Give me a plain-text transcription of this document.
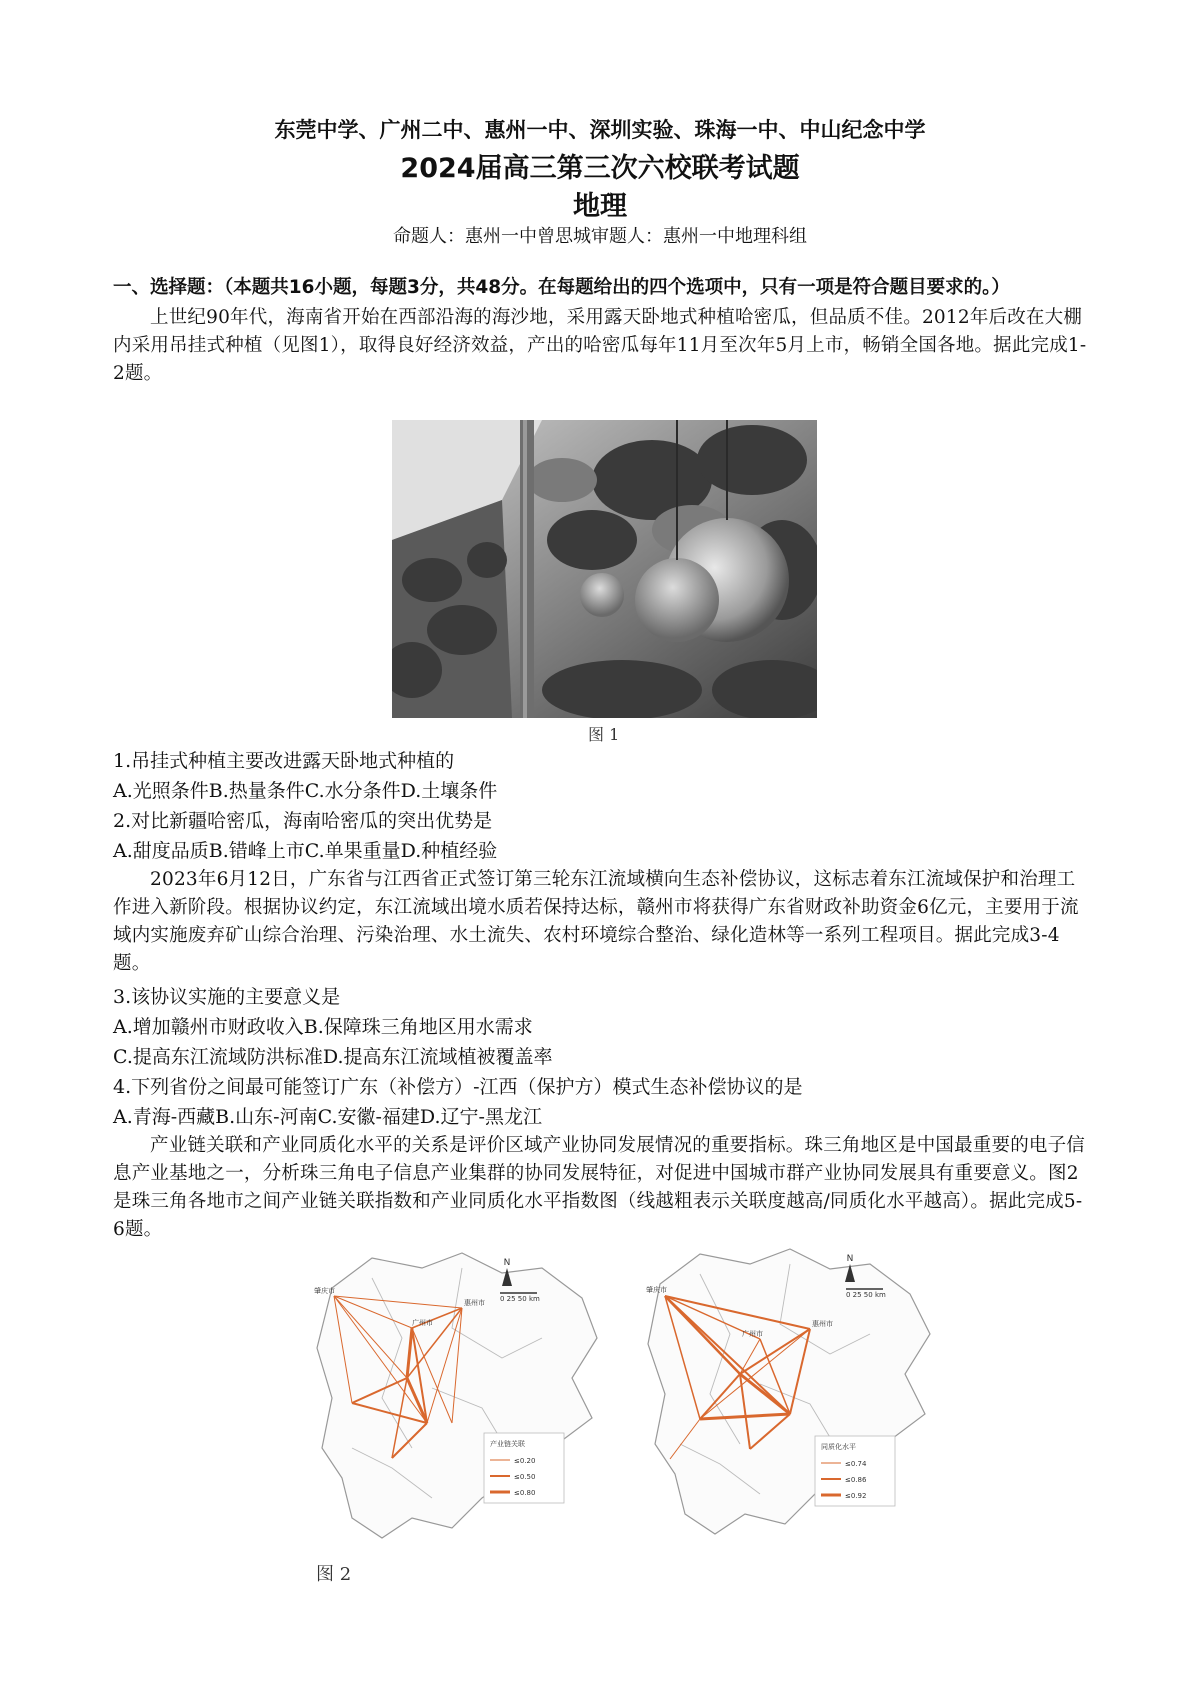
东莞中学、广州二中、惠州一中、深圳实验、珠海一中、中山纪念中学
2024届高三第三次六校联考试题
地理
命题人：惠州一中曾思城审题人：惠州一中地理科组
一、选择题：（本题共16小题，每题3分，共48分。在每题给出的四个选项中，只有一项是符合题目要求的。）
上世纪90年代，海南省开始在西部沿海的海沙地，采用露天卧地式种植哈密瓜，但品质不佳。2012年后改在大棚内采用吊挂式种植（见图1），取得良好经济效益，产出的哈密瓜每年11月至次年5月上市，畅销全国各地。据此完成1-2题。
图 1
1.吊挂式种植主要改进露天卧地式种植的
A.光照条件B.热量条件C.水分条件D.土壤条件
2.对比新疆哈密瓜，海南哈密瓜的突出优势是
A.甜度品质B.错峰上市C.单果重量D.种植经验
2023年6月12日，广东省与江西省正式签订第三轮东江流域横向生态补偿协议，这标志着东江流域保护和治理工作进入新阶段。根据协议约定，东江流域出境水质若保持达标，赣州市将获得广东省财政补助资金6亿元，主要用于流域内实施废弃矿山综合治理、污染治理、水土流失、农村环境综合整治、绿化造林等一系列工程项目。据此完成3-4题。
3.该协议实施的主要意义是
A.增加赣州市财政收入B.保障珠三角地区用水需求
C.提高东江流域防洪标准D.提高东江流域植被覆盖率
4.下列省份之间最可能签订广东（补偿方）-江西（保护方）模式生态补偿协议的是
A.青海-西藏B.山东-河南C.安徽-福建D.辽宁-黑龙江
产业链关联和产业同质化水平的关系是评价区域产业协同发展情况的重要指标。珠三角地区是中国最重要的电子信息产业基地之一，分析珠三角电子信息产业集群的协同发展特征，对促进中国城市群产业协同发展具有重要意义。图2是珠三角各地市之间产业链关联指数和产业同质化水平指数图（线越粗表示关联度越高/同质化水平越高）。据此完成5-6题。
N
0 25 50 km
肇庆市
广州市
惠州市
产业链关联
≤0.20
≤0.50
≤0.80
N
0 25 50 km
肇庆市
广州市
惠州市
同质化水平
≤0.74
≤0.86
≤0.92
图 2
